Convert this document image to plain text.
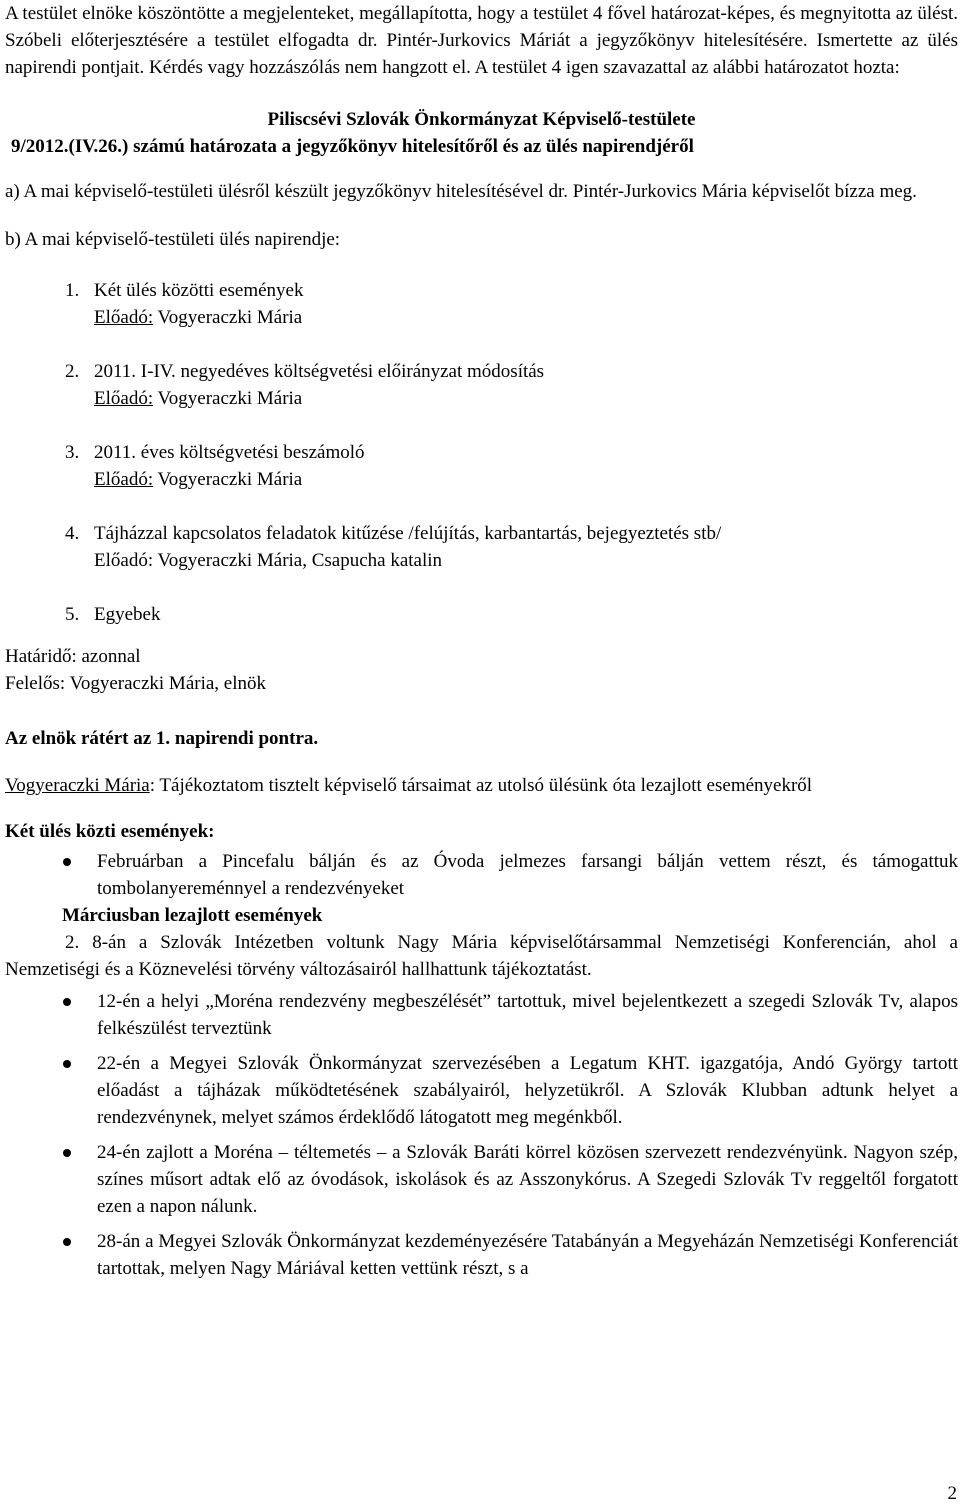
A testület elnöke köszöntötte a megjelenteket, megállapította, hogy a testület 4 fővel határozat-képes, és megnyitotta az ülést. Szóbeli előterjesztésére a testület elfogadta dr. Pintér-Jurkovics Máriát a jegyzőkönyv hitelesítésére. Ismertette az ülés napirendi pontjait. Kérdés vagy hozzászólás nem hangzott el. A testület 4 igen szavazattal az alábbi határozatot hozta:

Piliscsévi Szlovák Önkormányzat Képviselő-testülete

9/2012.(IV.26.) számú határozata a jegyzőkönyv hitelesítőről és az ülés napirendjéről

a) A mai képviselő-testületi ülésről készült jegyzőkönyv hitelesítésével dr. Pintér-Jurkovics Mária képviselőt bízza meg.

b) A mai képviselő-testületi ülés napirendje:

1. Két ülés közötti események

Előadó: Vogyeraczki Mária

2. 2011. I-IV. negyedéves költségvetési előirányzat módosítás

Előadó: Vogyeraczki Mária

3. 2011. éves költségvetési beszámoló

Előadó: Vogyeraczki Mária

4. Tájházzal kapcsolatos feladatok kitűzése /felújítás, karbantartás, bejegyeztetés stb/

Előadó: Vogyeraczki Mária, Csapucha katalin

5. Egyebek

Határidő: azonnal

Felelős: Vogyeraczki Mária, elnök

Az elnök rátért az 1. napirendi pontra.

Vogyeraczki Mária: Tájékoztatom tisztelt képviselő társaimat az utolsó ülésünk óta lezajlott eseményekről

Két ülés közti események:

Februárban a Pincefalu bálján és az Óvoda jelmezes farsangi bálján vettem részt, és támogattuk tombolanyereménnyel a rendezvényeket

Márciusban lezajlott események

2. 8-án a Szlovák Intézetben voltunk Nagy Mária képviselőtársammal Nemzetiségi Konferencián, ahol a Nemzetiségi és a Köznevelési törvény változásairól hallhattunk tájékoztatást.

12-én a helyi „Moréna rendezvény megbeszélését” tartottuk, mivel bejelentkezett a szegedi Szlovák Tv, alapos felkészülést terveztünk
22-én a Megyei Szlovák Önkormányzat szervezésében a Legatum KHT. igazgatója, Andó György tartott előadást a tájházak működtetésének szabályairól, helyzetükről. A Szlovák Klubban adtunk helyet a rendezvénynek, melyet számos érdeklődő látogatott meg megénkből.
24-én zajlott a Moréna – téltemetés – a Szlovák Baráti körrel közösen szervezett rendezvényünk. Nagyon szép, színes műsort adtak elő az óvodások, iskolások és az Asszonykórus. A Szegedi Szlovák Tv reggeltől forgatott ezen a napon nálunk.
28-án a Megyei Szlovák Önkormányzat kezdeményezésére Tatabányán a Megyeházán Nemzetiségi Konferenciát tartottak, melyen Nagy Máriával ketten vettünk részt, s a
2
